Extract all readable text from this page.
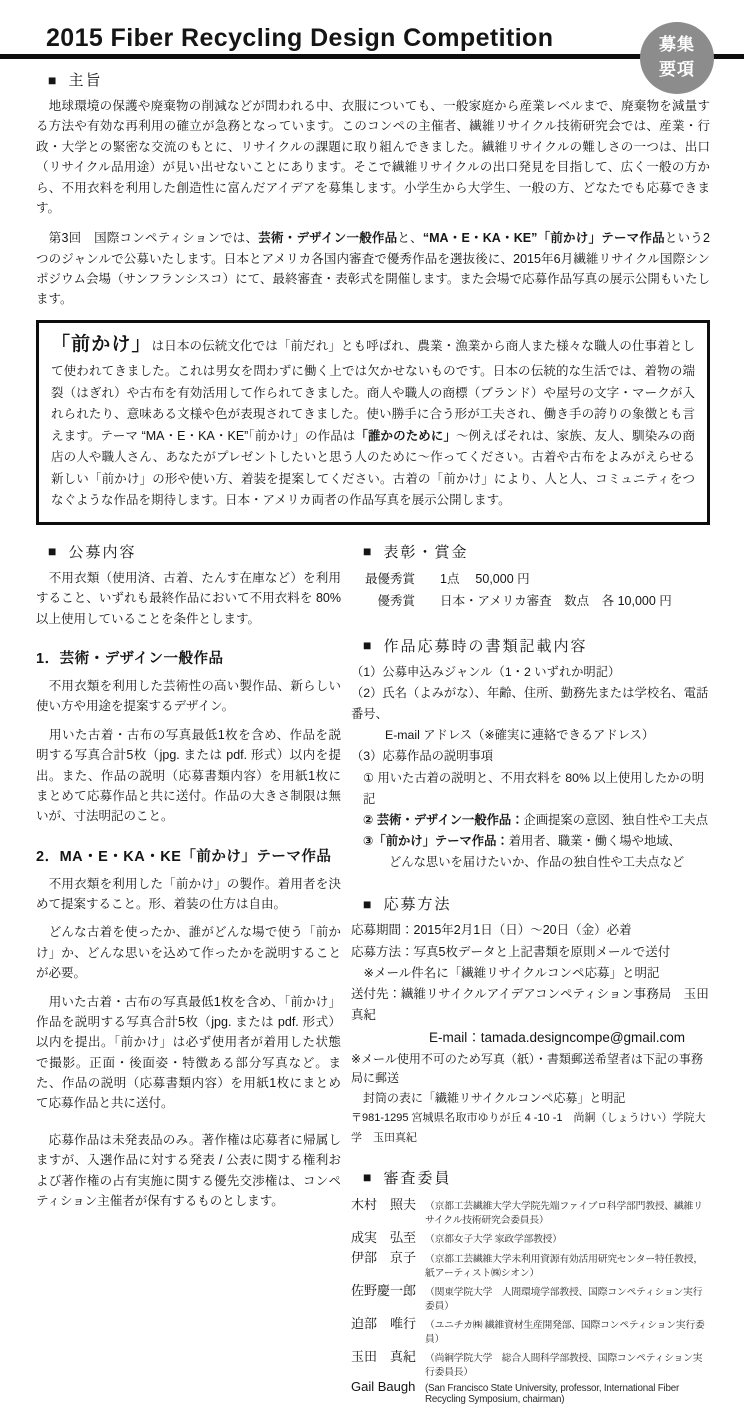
2015 Fiber Recycling Design Competition	募集
要項
■ 主旨

　地球環境の保護や廃棄物の削減などが問われる中、衣服についても、一般家庭から産業レベルまで、廃棄物を減量する方法や有効な再利用の確立が急務となっています。このコンペの主催者、繊維リサイクル技術研究会では、産業・行政・大学との緊密な交流のもとに、リサイクルの課題に取り組んできました。繊維リサイクルの難しさの一つは、出口（リサイクル品用途）が見い出せないことにあります。そこで繊維リサイクルの出口発見を目指して、広く一般の方から、不用衣料を利用した創造性に富んだアイデアを募集します。小学生から大学生、一般の方、どなたでも応募できます。

　第3回　国際コンペティションでは、芸術・デザイン一般作品と、“MA・E・KA・KE”「前かけ」テーマ作品という2つのジャンルで公募いたします。日本とアメリカ各国内審査で優秀作品を選抜後に、2015年6月繊維リサイクル国際シンポジウム会場（サンフランシスコ）にて、最終審査・表彰式を開催します。また会場で応募作品写真の展示公開もいたします。

「前かけ」は日本の伝統文化では「前だれ」とも呼ばれ、農業・漁業から商人また様々な職人の仕事着として使われてきました。これは男女を問わずに働く上では欠かせないものです。日本の伝統的な生活では、着物の端裂（はぎれ）や古布を有効活用して作られてきました。商人や職人の商標（ブランド）や屋号の文字・マークが入れられたり、意味ある文様や色が表現されてきました。使い勝手に合う形が工夫され、働き手の誇りの象徴とも言えます。テーマ “MA・E・KA・KE”「前かけ」の作品は「誰かのために」～例えばそれは、家族、友人、馴染みの商店の人や職人さん、あなたがプレゼントしたいと思う人のために～作ってください。古着や古布をよみがえらせる新しい「前かけ」の形や使い方、着装を提案してください。古着の「前かけ」により、人と人、コミュニティをつなぐような作品を期待します。日本・アメリカ両者の作品写真を展示公開します。
■ 公募内容

　不用衣類（使用済、古着、たんす在庫など）を利用すること、いずれも最終作品において不用衣料を 80% 以上使用していることを条件とします。

1．芸術・デザイン一般作品

　不用衣類を利用した芸術性の高い製作品、新らしい使い方や用途を提案するデザイン。

　用いた古着・古布の写真最低1枚を含め、作品を説明する写真合計5枚（jpg. または pdf. 形式）以内を提出。また、作品の説明（応募書類内容）を用紙1枚にまとめて応募作品と共に送付。作品の大きさ制限は無いが、寸法明記のこと。

2．MA・E・KA・KE「前かけ」テーマ作品

　不用衣類を利用した「前かけ」の製作。着用者を決めて提案すること。形、着装の仕方は自由。

　どんな古着を使ったか、誰がどんな場で使う「前かけ」か、どんな思いを込めて作ったかを説明することが必要。

　用いた古着・古布の写真最低1枚を含め、「前かけ」作品を説明する写真合計5枚（jpg. または pdf. 形式）以内を提出。「前かけ」は必ず使用者が着用した状態で撮影。正面・後面姿・特徴ある部分写真など。また、作品の説明（応募書類内容）を用紙1枚にまとめて応募作品と共に送付。

　応募作品は未発表品のみ。著作権は応募者に帰属しますが、入選作品に対する発表 / 公表に関する権利および著作権の占有実施に関する優先交渉権は、コンペティション主催者が保有するものとします。

■ 表彰・賞金
最優秀賞　　1点　 50,000 円
　優秀賞　　日本・アメリカ審査　数点　各 10,000 円
■ 作品応募時の書類記載内容
（1）公募申込みジャンル（1・2 いずれか明記）
（2）氏名（よみがな）、年齢、住所、勤務先または学校名、電話番号、
E-mail アドレス（※確実に連絡できるアドレス）
（3）応募作品の説明事項
① 用いた古着の説明と、不用衣料を 80% 以上使用したかの明記
② 芸術・デザイン一般作品：企画提案の意図、独自性や工夫点
③「前かけ」テーマ作品：着用者、職業・働く場や地域、
どんな思いを届けたいか、作品の独自性や工夫点など
■ 応募方法
応募期間：2015年2月1日（日）～20日（金）必着
応募方法：写真5枚データと上記書類を原則メールで送付
　※メール件名に「繊維リサイクルコンペ応募」と明記
送付先：繊維リサイクルアイデアコンペティション事務局　玉田真紀
E-mail：tamada.designcompe@gmail.com
※メール使用不可のため写真（紙）・書類郵送希望者は下記の事務局に郵送
　封筒の表に「繊維リサイクルコンペ応募」と明記
〒981-1295 宮城県名取市ゆりが丘 4 -10 -1　尚絅（しょうけい）学院大学　玉田真紀
■ 審査委員
木村　照夫 （京都工芸繊維大学大学院先端ファイブロ科学部門教授、繊維リサイクル技術研究会委員長）
成実　弘至 （京都女子大学 家政学部教授）
伊部　京子 （京都工芸繊維大学未利用資源有効活用研究センター特任教授，紙アーティスト㈱シオン）
佐野慶一郎 （関東学院大学　人間環境学部教授、国際コンペティション実行委員）
迫部　唯行 （ユニチカ㈱ 繊維資材生産開発部、国際コンペティション実行委員）
玉田　真紀 （尚絅学院大学　総合人間科学部教授、国際コンペティション実行委員長）
Gail Baugh (San Francisco State University, professor, International Fiber Recycling Symposium, chairman)
